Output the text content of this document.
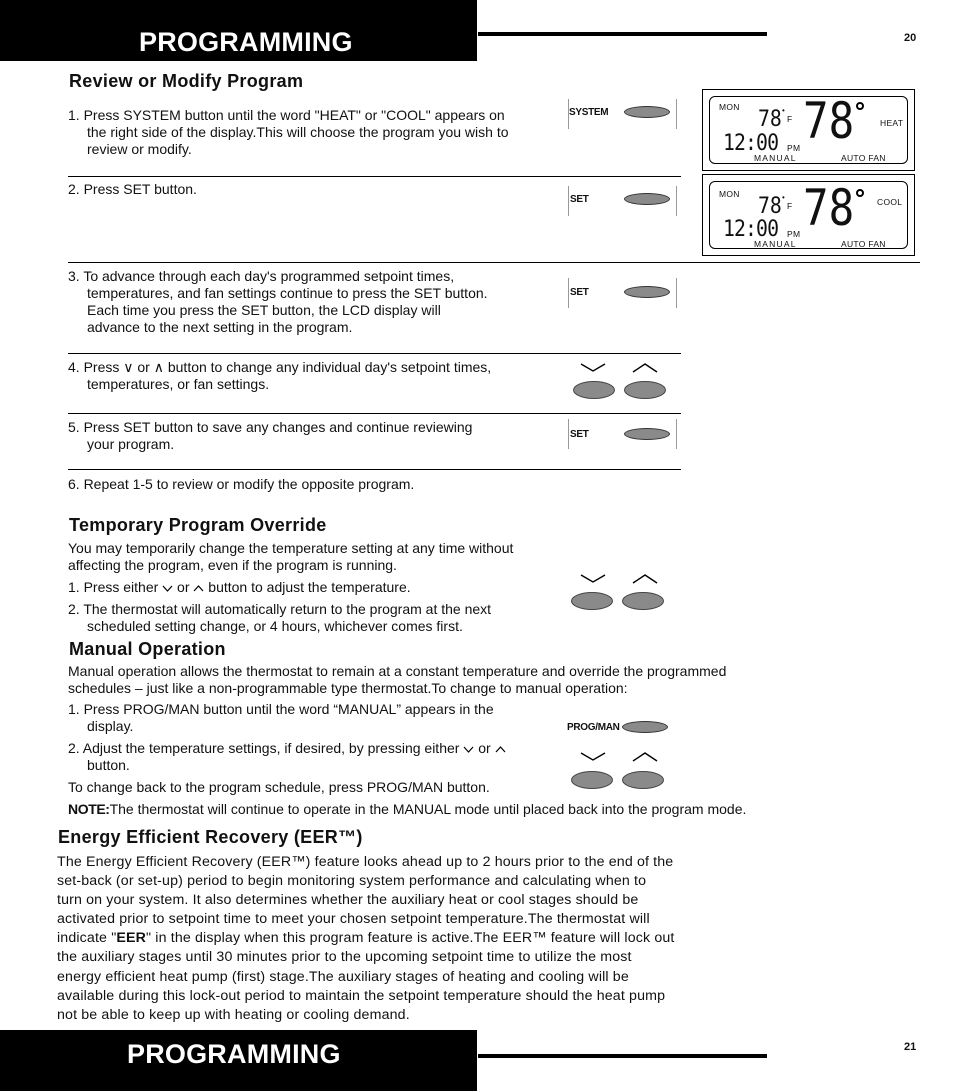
PROGRAMMING	20
Review or Modify Program
1. Press SYSTEM button until the word "HEAT" or "COOL" appears on
the right side of the display.This will choose the program you wish to
review or modify.
SYSTEM
2. Press SET button.
SET
MON 78 •
F 78	HEAT
12:00 PM
MANUAL	AUTO FAN
MON 78 •
F 78	COOL
12:00 PM
MANUAL	AUTO FAN
3. To advance through each day's programmed setpoint times,
temperatures, and fan settings continue to press the SET button.
Each time you press the SET button, the LCD display will
advance to the next setting in the program.
SET
4. Press ∨ or ∧ button to change any individual day's setpoint times,
temperatures, or fan settings.
5. Press SET button to save any changes and continue reviewing
your program.
SET
6. Repeat 1-5 to review or modify the opposite program.
Temporary Program Override
You may temporarily change the temperature setting at any time without
affecting the program, even if the program is running.
1. Press either  or  button to adjust the temperature.
2. The thermostat will automatically return to the program at the next
scheduled setting change, or 4 hours, whichever comes first.
Manual Operation
Manual operation allows the thermostat to remain at a constant temperature and override the programmed
schedules – just like a non-programmable type thermostat.To change to manual operation:
1. Press PROG/MAN button until the word “MANUAL” appears in the
display.
2. Adjust the temperature settings, if desired, by pressing either  or
button.
To change back to the program schedule, press PROG/MAN button.
NOTE:The thermostat will continue to operate in the MANUAL mode until placed back into the program mode.
PROG/MAN
Energy Efficient Recovery (EER™)
The Energy Efficient Recovery (EER™) feature looks ahead up to 2 hours prior to the end of the
set-back (or set-up) period to begin monitoring system performance and calculating when to
turn on your system. It also determines whether the auxiliary heat or cool stages should be
activated prior to setpoint time to meet your chosen setpoint temperature.The thermostat will
indicate "EER" in the display when this program feature is active.The EER™ feature will lock out
the auxiliary stages until 30 minutes prior to the upcoming setpoint time to utilize the most
energy efficient heat pump (first) stage.The auxiliary stages of heating and cooling will be
available during this lock-out period to maintain the setpoint temperature should the heat pump
not be able to keep up with heating or cooling demand.
PROGRAMMING	21
